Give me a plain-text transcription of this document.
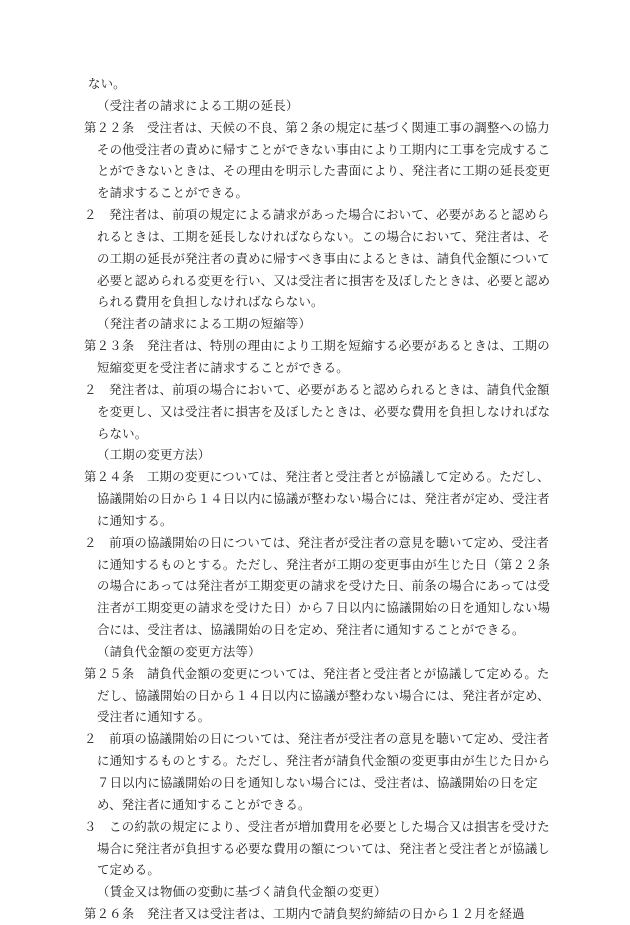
ない。

（受注者の請求による工期の延長）

第２２条　受注者は、天候の不良、第２条の規定に基づく関連工事の調整への協力その他受注者の責めに帰すことができない事由により工期内に工事を完成することができないときは、その理由を明示した書面により、発注者に工期の延長変更を請求することができる。

２　発注者は、前項の規定による請求があった場合において、必要があると認められるときは、工期を延長しなければならない。この場合において、発注者は、その工期の延長が発注者の責めに帰すべき事由によるときは、請負代金額について必要と認められる変更を行い、又は受注者に損害を及ぼしたときは、必要と認められる費用を負担しなければならない。

（発注者の請求による工期の短縮等）

第２３条　発注者は、特別の理由により工期を短縮する必要があるときは、工期の短縮変更を受注者に請求することができる。

２　発注者は、前項の場合において、必要があると認められるときは、請負代金額を変更し、又は受注者に損害を及ぼしたときは、必要な費用を負担しなければならない。

（工期の変更方法）

第２４条　工期の変更については、発注者と受注者とが協議して定める。ただし、協議開始の日から１４日以内に協議が整わない場合には、発注者が定め、受注者に通知する。

２　前項の協議開始の日については、発注者が受注者の意見を聴いて定め、受注者に通知するものとする。ただし、発注者が工期の変更事由が生じた日（第２２条の場合にあっては発注者が工期変更の請求を受けた日、前条の場合にあっては受注者が工期変更の請求を受けた日）から７日以内に協議開始の日を通知しない場合には、受注者は、協議開始の日を定め、発注者に通知することができる。

（請負代金額の変更方法等）

第２５条　請負代金額の変更については、発注者と受注者とが協議して定める。ただし、協議開始の日から１４日以内に協議が整わない場合には、発注者が定め、受注者に通知する。

２　前項の協議開始の日については、発注者が受注者の意見を聴いて定め、受注者に通知するものとする。ただし、発注者が請負代金額の変更事由が生じた日から７日以内に協議開始の日を通知しない場合には、受注者は、協議開始の日を定め、発注者に通知することができる。

３　この約款の規定により、受注者が増加費用を必要とした場合又は損害を受けた場合に発注者が負担する必要な費用の額については、発注者と受注者とが協議して定める。

（賃金又は物価の変動に基づく請負代金額の変更）

第２６条　発注者又は受注者は、工期内で請負契約締結の日から１２月を経過
